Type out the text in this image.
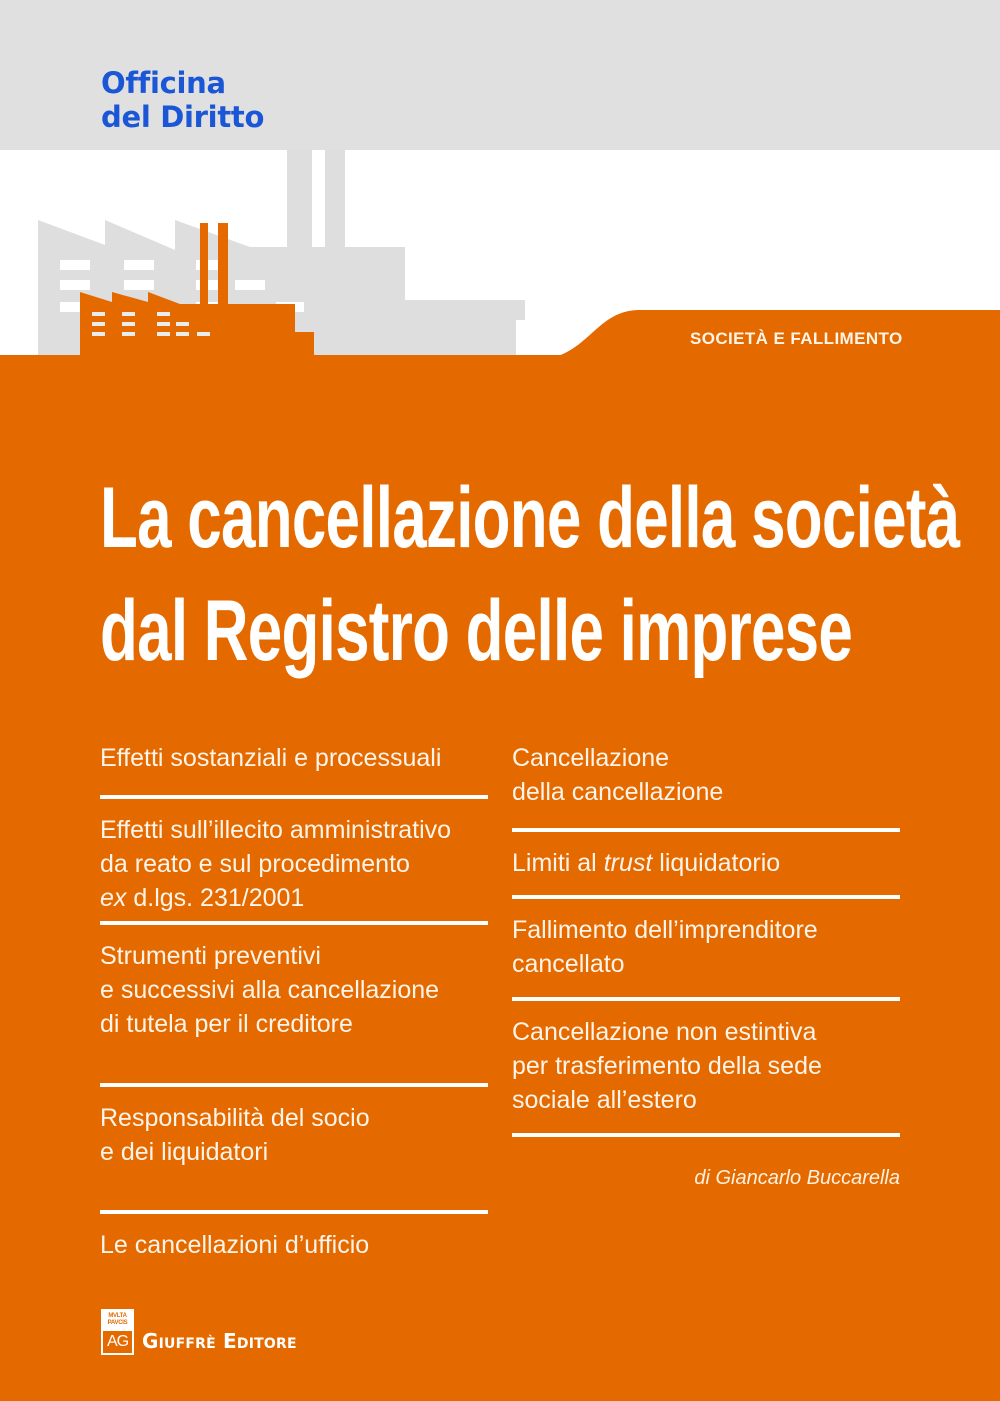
Officina
del Diritto
SOCIETÀ E FALLIMENTO
La cancellazione della società
dal Registro delle imprese
Effetti sostanziali e processuali
Effetti sull’illecito amministrativo
da reato e sul procedimento
ex d.lgs. 231/2001
Strumenti preventivi
e successivi alla cancellazione
di tutela per il creditore
Responsabilità del socio
e dei liquidatori
Le cancellazioni d’ufficio
Cancellazione
della cancellazione
Limiti al trust liquidatorio
Fallimento dell’imprenditore
cancellato
Cancellazione non estintiva
per trasferimento della sede
sociale all’estero
di Giancarlo Buccarella
MVLTA
PAVCIS
AG Giuffrè Editore
